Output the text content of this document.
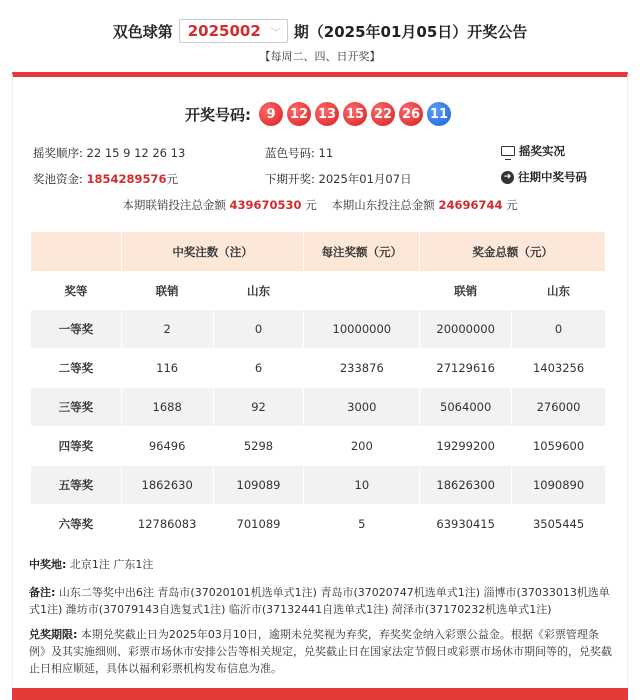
双色球第 2025002 ﹀ 期（2025年01月05日）开奖公告
【每周二、四、日开奖】
开奖号码:	9	12 13 15 22 26 11
摇奖顺序: 22 15 9 12 26 13	蓝色号码: 11	摇奖实况
奖池资金: 1854289576元	下期开奖: 2025年01月07日	➜ 往期中奖号码
本期联销投注总金额 439670530 元 本期山东投注总金额 24696744 元
	中奖注数（注）		每注奖额（元）	奖金总额（元）	
奖等	联销	山东		联销	山东
一等奖	2	0	10000000	20000000	0
二等奖	116	6	233876	27129616	1403256
三等奖	1688	92	3000	5064000	276000
四等奖	96496	5298	200	19299200	1059600
五等奖	1862630	109089	10	18626300	1090890
六等奖	12786083	701089	5	63930415	3505445
中奖地: 北京1注 广东1注
备注: 山东二等奖中出6注 青岛市(37020101机选单式1注) 青岛市(37020747机选单式1注) 淄博市(37033013机选单式1注) 潍坊市(37079143自选复式1注) 临沂市(37132441自选单式1注) 菏泽市(37170232机选单式1注)
兑奖期限: 本期兑奖截止日为2025年03月10日，逾期未兑奖视为弃奖，弃奖奖金纳入彩票公益金。根据《彩票管理条例》及其实施细则、彩票市场休市安排公告等相关规定，兑奖截止日在国家法定节假日或彩票市场休市期间等的，兑奖截止日相应顺延，具体以福利彩票机构发布信息为准。
